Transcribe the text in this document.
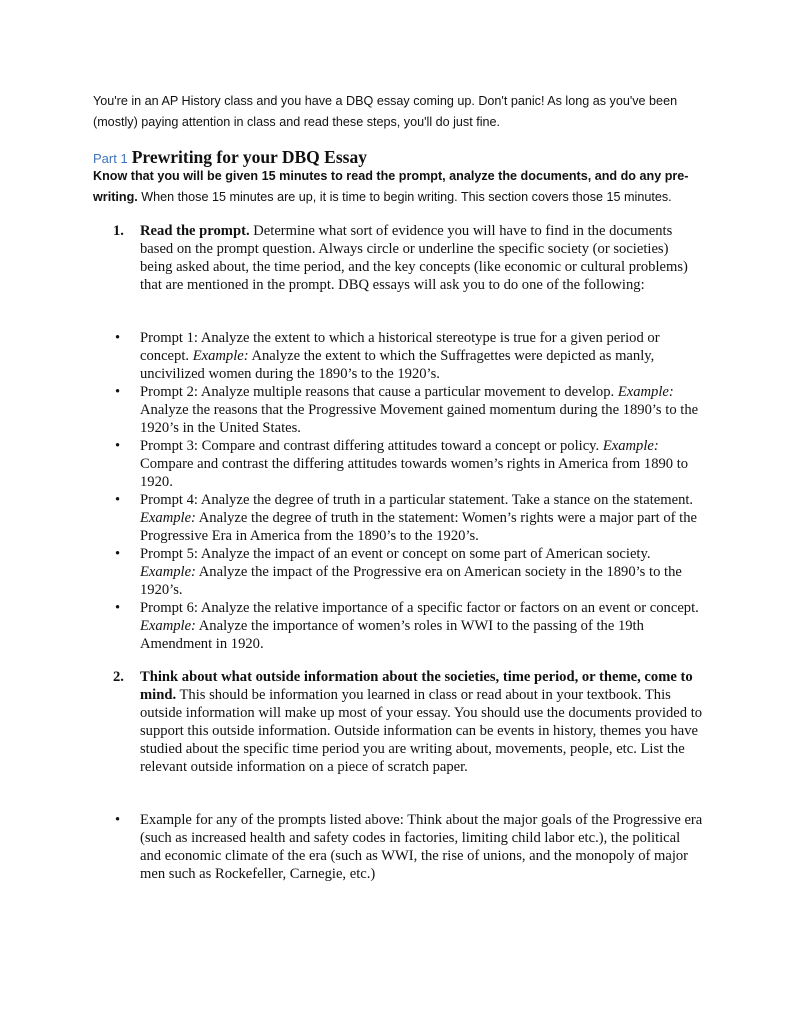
You're in an AP History class and you have a DBQ essay coming up. Don't panic! As long as you've been (mostly) paying attention in class and read these steps, you'll do just fine.

Part 1 Prewriting for your DBQ Essay

Know that you will be given 15 minutes to read the prompt, analyze the documents, and do any pre-writing. When those 15 minutes are up, it is time to begin writing. This section covers those 15 minutes.

1. Read the prompt. Determine what sort of evidence you will have to find in the documents based on the prompt question. Always circle or underline the specific society (or societies) being asked about, the time period, and the key concepts (like economic or cultural problems) that are mentioned in the prompt. DBQ essays will ask you to do one of the following:
• Prompt 1: Analyze the extent to which a historical stereotype is true for a given period or concept. Example: Analyze the extent to which the Suffragettes were depicted as manly, uncivilized women during the 1890’s to the 1920’s.
• Prompt 2: Analyze multiple reasons that cause a particular movement to develop. Example: Analyze the reasons that the Progressive Movement gained momentum during the 1890’s to the 1920’s in the United States.
• Prompt 3: Compare and contrast differing attitudes toward a concept or policy. Example: Compare and contrast the differing attitudes towards women’s rights in America from 1890 to 1920.
• Prompt 4: Analyze the degree of truth in a particular statement. Take a stance on the statement. Example: Analyze the degree of truth in the statement: Women’s rights were a major part of the Progressive Era in America from the 1890’s to the 1920’s.
• Prompt 5: Analyze the impact of an event or concept on some part of American society. Example: Analyze the impact of the Progressive era on American society in the 1890’s to the 1920’s.
• Prompt 6: Analyze the relative importance of a specific factor or factors on an event or concept. Example: Analyze the importance of women’s roles in WWI to the passing of the 19th Amendment in 1920.
2. Think about what outside information about the societies, time period, or theme, come to mind. This should be information you learned in class or read about in your textbook. This outside information will make up most of your essay. You should use the documents provided to support this outside information. Outside information can be events in history, themes you have studied about the specific time period you are writing about, movements, people, etc. List the relevant outside information on a piece of scratch paper.
• Example for any of the prompts listed above: Think about the major goals of the Progressive era (such as increased health and safety codes in factories, limiting child labor etc.), the political and economic climate of the era (such as WWI, the rise of unions, and the monopoly of major men such as Rockefeller, Carnegie, etc.)
